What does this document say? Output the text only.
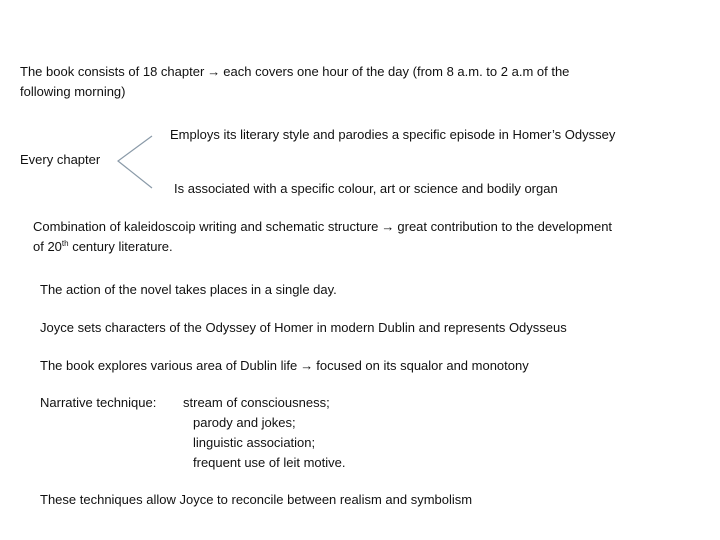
The book consists of 18 chapter → each covers one hour of the day (from 8 a.m. to 2 a.m of the

following morning)

Employs its literary style and parodies a specific episode in Homer’s Odyssey

Every chapter

Is associated with a specific colour, art or science and bodily organ

Combination of kaleidoscoip writing and schematic structure → great contribution to the development

of 20th century literature.

The action of the novel takes places in a single day.

Joyce sets characters of the Odyssey of Homer in modern Dublin and represents Odysseus

The book explores various area of Dublin life → focused on its squalor and monotony

Narrative technique: stream of consciousness;
parody and jokes;
linguistic association;
frequent use of leit motive.

These techniques allow Joyce to reconcile between realism and symbolism
